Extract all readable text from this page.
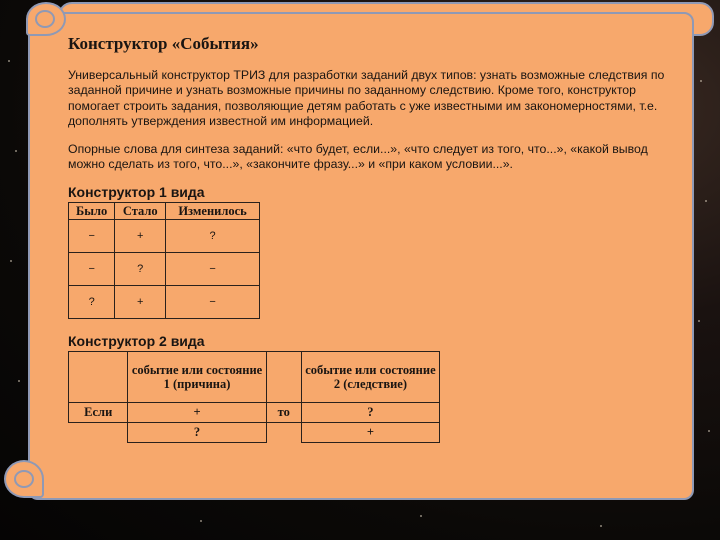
Конструктор «События»

Универсальный конструктор ТРИЗ для разработки заданий двух типов: узнать возможные следствия по заданной причине и узнать возможные причины по заданному следствию. Кроме того, конструктор помогает строить задания, позволяющие детям работать с уже известными им закономерностями, т.е. дополнять утверждения известной им информацией.

Опорные слова для синтеза заданий: «что будет, если...», «что следует из того, что...», «какой вывод можно сделать из того, что...», «закончите фразу...» и «при каком условии...».

Конструктор 1 вида
Было	Стало	Изменилось
−	+	?
−	?	−
?	+	−
Конструктор 2 вида
	событие или состояние 1 (причина)		событие или состояние 2 (следствие)
Если	+	то	?
	?		+
